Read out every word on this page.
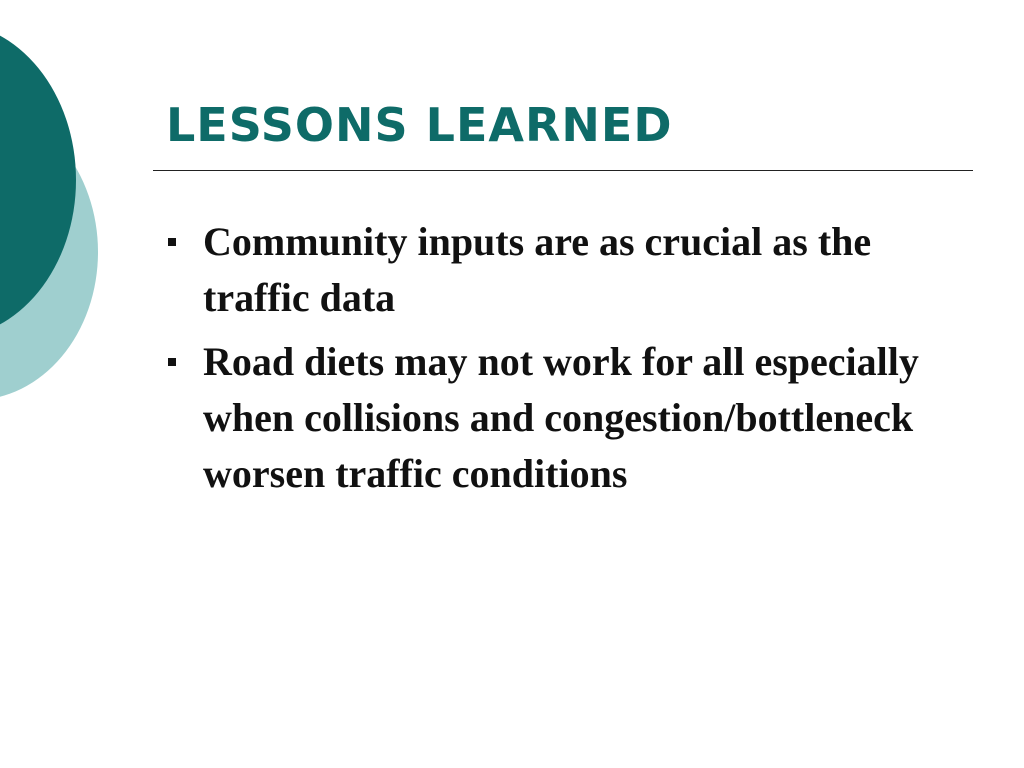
LESSONS LEARNED
Community inputs are as crucial as the traffic data
Road diets may not work for all especially when collisions and congestion/bottleneck worsen traffic conditions
